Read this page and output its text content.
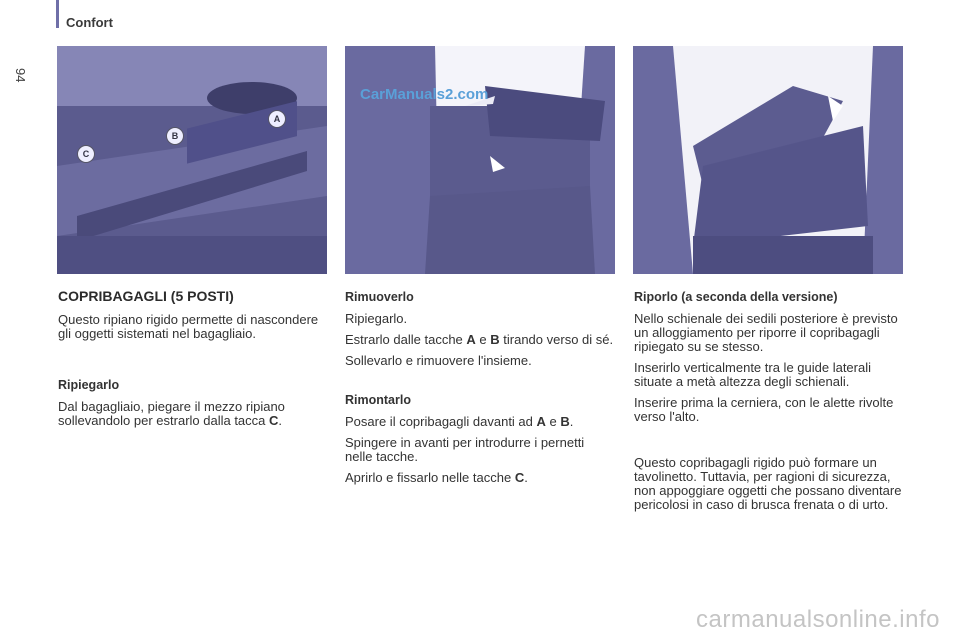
Confort
94
A
B
C
CarManuals2.com
COPRIBAGAGLI (5 POSTI)

Questo ripiano rigido permette di nascondere gli oggetti sistemati nel bagagliaio.

Ripiegarlo

Dal bagagliaio, piegare il mezzo ripiano sollevandolo per estrarlo dalla tacca C.

Rimuoverlo

Ripiegarlo.

Estrarlo dalle tacche A e B tirando verso di sé.

Sollevarlo e rimuovere l'insieme.

Rimontarlo

Posare il copribagagli davanti ad A e B.

Spingere in avanti per introdurre i pernetti nelle tacche.

Aprirlo e fissarlo nelle tacche C.

Riporlo (a seconda della versione)

Nello schienale dei sedili posteriore è previsto un alloggiamento per riporre il copribagagli ripiegato su se stesso.

Inserirlo verticalmente tra le guide laterali situate a metà altezza degli schienali.

Inserire prima la cerniera, con le alette rivolte verso l'alto.

Questo copribagagli rigido può formare un tavolinetto. Tuttavia, per ragioni di sicurezza, non appoggiare oggetti che possano diventare pericolosi in caso di brusca frenata o di urto.

carmanualsonline.info
